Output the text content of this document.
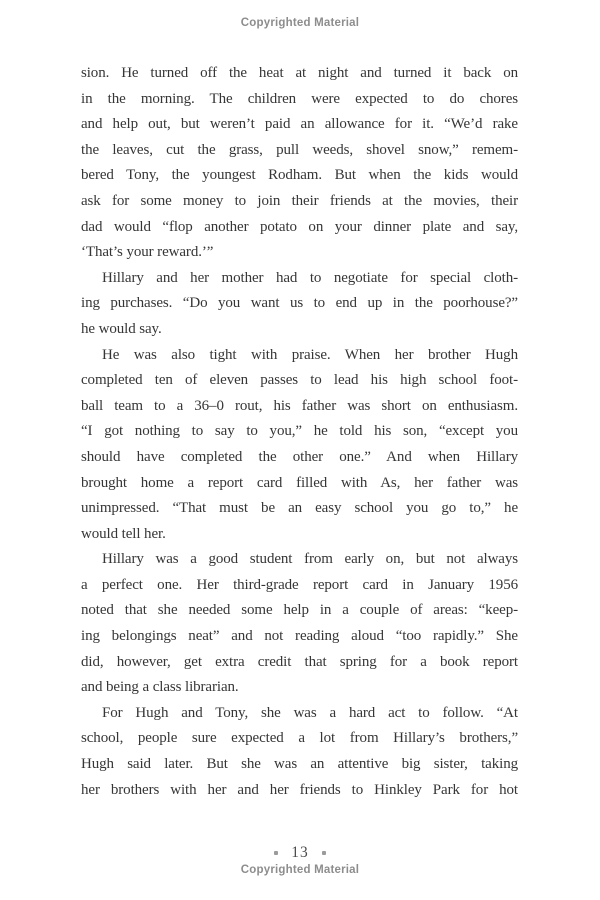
Copyrighted Material
sion. He turned off the heat at night and turned it back on
in the morning. The children were expected to do chores
and help out, but weren’t paid an allowance for it. “We’d rake
the leaves, cut the grass, pull weeds, shovel snow,” remem-
bered Tony, the youngest Rodham. But when the kids would
ask for some money to join their friends at the movies, their
dad would “flop another potato on your dinner plate and say,
‘That’s your reward.’”
Hillary and her mother had to negotiate for special cloth-
ing purchases. “Do you want us to end up in the poorhouse?”
he would say.
He was also tight with praise. When her brother Hugh
completed ten of eleven passes to lead his high school foot-
ball team to a 36–0 rout, his father was short on enthusiasm.
“I got nothing to say to you,” he told his son, “except you
should have completed the other one.” And when Hillary
brought home a report card filled with As, her father was
unimpressed. “That must be an easy school you go to,” he
would tell her.
Hillary was a good student from early on, but not always
a perfect one. Her third-grade report card in January 1956
noted that she needed some help in a couple of areas: “keep-
ing belongings neat” and not reading aloud “too rapidly.” She
did, however, get extra credit that spring for a book report
and being a class librarian.
For Hugh and Tony, she was a hard act to follow. “At
school, people sure expected a lot from Hillary’s brothers,”
Hugh said later. But she was an attentive big sister, taking
her brothers with her and her friends to Hinkley Park for hot
13
Copyrighted Material
